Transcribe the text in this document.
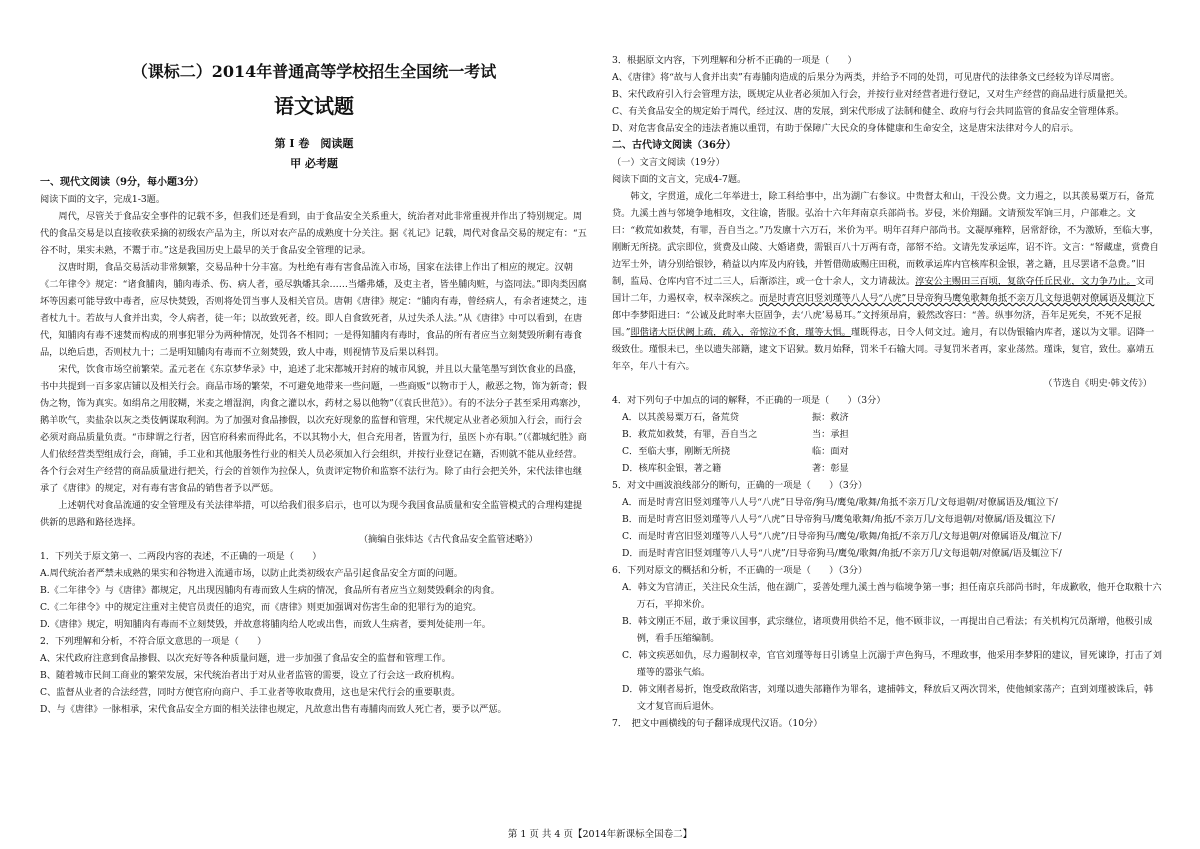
（课标二）2014年普通高等学校招生全国统一考试

语文试题

第 Ⅰ 卷　阅读题

甲 必考题

一、现代文阅读（9分，每小题3分）

阅读下面的文字，完成1-3题。

周代，尽管关于食品安全事件的记载不多，但我们还是看到，由于食品安全关系重大，统治者对此非常重视并作出了特别规定。周代的食品交易是以直接收获采摘的初级农产品为主，所以对农产品的成熟度十分关注。据《礼记》记载，周代对食品交易的规定有：“五谷不时，果实未熟，不鬻于市。”这是我国历史上最早的关于食品安全管理的记录。

汉唐时期，食品交易活动非常频繁，交易品种十分丰富。为杜绝有毒有害食品流入市场，国家在法律上作出了相应的规定。汉朝《二年律令》规定：“诸食脯肉，脯肉毒杀、伤、病人者，亟尽孰燔其余……当燔弗燔，及吏主者，皆坐脯肉赃，与盗同法。”即肉类因腐坏等因素可能导致中毒者，应尽快焚毁，否则将处罚当事人及相关官员。唐朝《唐律》规定：“脯肉有毒，曾经病人，有余者速焚之，违者杖九十。若故与人食并出卖，令人病者，徒一年；以故致死者，绞。即人自食致死者，从过失杀人法。”从《唐律》中可以看到，在唐代，知脯肉有毒不速焚而构成的刑事犯罪分为两种情况，处罚各不相同；一是得知脯肉有毒时，食品的所有者应当立刻焚毁所剩有毒食品，以绝后患，否则杖九十；二是明知脯肉有毒而不立刻焚毁，致人中毒，则视情节及后果以科罚。

宋代，饮食市场空前繁荣。孟元老在《东京梦华录》中，追述了北宋都城开封府的城市风貌，并且以大量笔墨写到饮食业的昌盛，书中共提到一百多家店铺以及相关行会。商品市场的繁荣，不可避免地带来一些问题，一些商贩“以物市于人，敝恶之物，饰为新奇；假伪之物，饰为真实。如绢帛之用胶糊，米麦之增湿润，肉食之灌以水，药材之易以他物”（《袁氏世范》）。有的不法分子甚至采用鸡寨沙，鹅羊吹气，卖盐杂以灰之类伎俩谋取利润。为了加强对食品掺假，以次充好现象的监督和管理，宋代规定从业者必须加入行会，而行会必须对商品质量负责。“市肆谓之行者，因官府科索而得此名，不以其物小大，但合充用者，皆置为行，虽医卜亦有职。”（《都城纪胜》商人们依经营类型组成行会，商铺，手工业和其他服务性行业的相关人员必须加入行会组织，并按行业登记在籍，否则就不能从业经营。各个行会对生产经营的商品质量进行把关，行会的首领作为拉保人，负责评定物价和监察不法行为。除了由行会把关外，宋代法律也继承了《唐律》的规定，对有毒有害食品的销售者予以严惩。

上述朝代对食品流通的安全管理及有关法律举措，可以给我们很多启示，也可以为现今我国食品质量和安全监管模式的合理构建提供新的思路和路径选择。

（摘编自张炜达《古代食品安全监管述略》）

1．下列关于原文第一、二两段内容的表述，不正确的一项是（　　）

A.周代统治者严禁未成熟的果实和谷物进入流通市场，以防止此类初级农产品引起食品安全方面的问题。

B.《二年律令》与《唐律》都规定，凡出现因脯肉有毒而致人生病的情况，食品所有者应当立刻焚毁剩余的肉食。

C.《二年律令》中的规定注重对主使官员责任的追究，而《唐律》则更加强调对伤害生命的犯罪行为的追究。

D.《唐律》规定，明知脯肉有毒而不立刻焚毁，并故意将脯肉给人吃或出售，而致人生病者，要判处徒刑一年。

2．下列理解和分析，不符合原文意思的一项是（　　）

A、宋代政府注意到食品掺假、以次充好等各种质量问题，进一步加强了食品安全的监督和管理工作。

B、随着城市民间工商业的繁荣发展，宋代统治者出于对从业者监管的需要，设立了行会这一政府机构。

C、监督从业者的合法经营，同时方便官府向商户、手工业者等收取费用，这也是宋代行会的重要职责。

D、与《唐律》一脉相承，宋代食品安全方面的相关法律也规定，凡故意出售有毒脯肉而致人死亡者，要予以严惩。

3．根据原文内容，下列理解和分析不正确的一项是（　　）

A、《唐律》将“故与人食并出卖”有毒脯肉造成的后果分为两类，并给予不同的处罚，可见唐代的法律条文已经较为详尽周密。

B、宋代政府引入行会管理方法，既规定从业者必须加入行会，并按行业对经营者进行登记，又对生产经营的商品进行质量把关。

C、有关食品安全的规定始于周代，经过汉、唐的发展，到宋代形成了法制和健全、政府与行会共同监管的食品安全管理体系。

D、对危害食品安全的违法者施以重罚，有助于保障广大民众的身体健康和生命安全，这是唐宋法律对今人的启示。

二、古代诗文阅读（36分）

（一）文言文阅读（19分）

阅读下面的文言文，完成4-7题。

韩文，字贯道，成化二年举进士，除工科给事中，出为湖广右参议。中贵督太和山，干没公费。文力遏之，以其羡易粟万石，备荒贷。九溪土酋与邻境争地相攻，文往谕，皆服。弘治十六年拜南京兵部尚书。岁侵，米价翔踊。文请预发军饷三月，户部难之。文曰：“救荒如救焚，有罪，吾自当之。”乃发廪十六万石，米价为平。明年召拜户部尚书。文凝厚雍粹，居常舒徐，不为激矫，至临大事，刚断无所挠。武宗即位，赏费及山陵、大婚诸费，需银百八十万两有奇，部帑不给。文请先发承运库，诏不许。文言：“帑藏虚，赏费自边军士外，请分别给银钞，稍益以内库及内府钱，并暂借勋戚赐庄田税，而敕承运库内官核库积金银，著之籍，且尽罢诸不急费。”旧制，监局、仓库内官不过二三人，后渐添注，或一仓十余人，文力请裁汰。淳安公主赐田三百顷，复欲夺任丘民业，文力争乃止。文司国计二年，力遏权幸，权幸深疾之。而是时青宫旧竖刘瑾等八人号“八虎”日导帝狗马鹰兔歌舞角抵不亲万几文每退朝对僚属语及辄泣下郎中李梦阳进曰：“公诚及此时率大臣固争，去‘八虎’易易耳。”文捋须昂肩，毅然改容曰：“善。纵事勿济，吾年足死矣，不死不足报国。”即偕诸大臣伏阙上疏，疏入，帝惊泣不食，瑾等大惧。瑾既得志，日令人伺文过。逾月，有以伪银输内库者，遂以为文罪。诏降一级致仕。瑾恨未已，坐以遗失部籍，逮文下诏狱。数月始释，罚米千石输大同。寻复罚米者再，家业荡然。瑾诛，复官，致仕。嘉靖五年卒，年八十有六。

（节选自《明史·韩文传》）

4．对下列句子中加点的词的解释，不正确的一项是（　　）（3分）

A．以其羡易粟万石，备荒贷	振：救济

B．救荒如救焚，有罪，吾自当之	当：承担

C．至临大事，刚断无所挠	临：面对

D．核库积金银，著之籍	著：彰显

5．对文中画波浪线部分的断句，正确的一项是（　　）（3分）

A．而是时青宫旧竖刘瑾等八人号“八虎”日导帝/狗马/鹰兔/歌舞/角抵不亲万几/文每退朝/对僚属语及/辄泣下/

B．而是时青宫旧竖刘瑾等八人号“八虎”日导帝狗马/鹰兔歌舞/角抵/不亲万几/文每退朝/对僚属/语及辄泣下/

C．而是时青宫旧竖刘瑾等八人号“八虎”/日导帝狗马/鹰兔/歌舞/角抵/不亲万几/文每退朝/对僚属语及/辄泣下/

D．而是时青宫旧竖刘瑾等八人号“八虎”/日导帝狗马/鹰兔/歌舞/角抵/不亲万几/文每退朝/对僚属/语及辄泣下/

6．下列对原文的概括和分析，不正确的一项是（　　）（3分）

A．韩文为官清正，关注民众生活，他在湖广，妥善处理九溪土酋与临境争第一事；担任南京兵部尚书时，年成歉收，他开仓取粮十六万石，平抑米价。

B．韩文刚正不屈，敢于秉议国事，武宗继位，诸项费用供给不足，他不顾非议，一再提出自己看法；有关机构冗员渐增，他极引成例，看手压缩编制。

C．韩文疾恶如仇，尽力遏制权幸，官官刘瑾等每日引诱皇上沉溺于声色狗马，不理政事，他采用李梦阳的建议，冒死谏诤，打击了刘瑾等的嚣张气焰。

D．韩文刚者易折，饱受政敌陷害，刘瑾以遗失部籍作为罪名，逮捕韩文，释放后又两次罚米，使他倾家荡产；直到刘瑾被诛后，韩文才复官而后退休。

7．　把文中画横线的句子翻译成现代汉语。（10分）

第 1 页 共 4 页【2014年新课标全国卷二】
